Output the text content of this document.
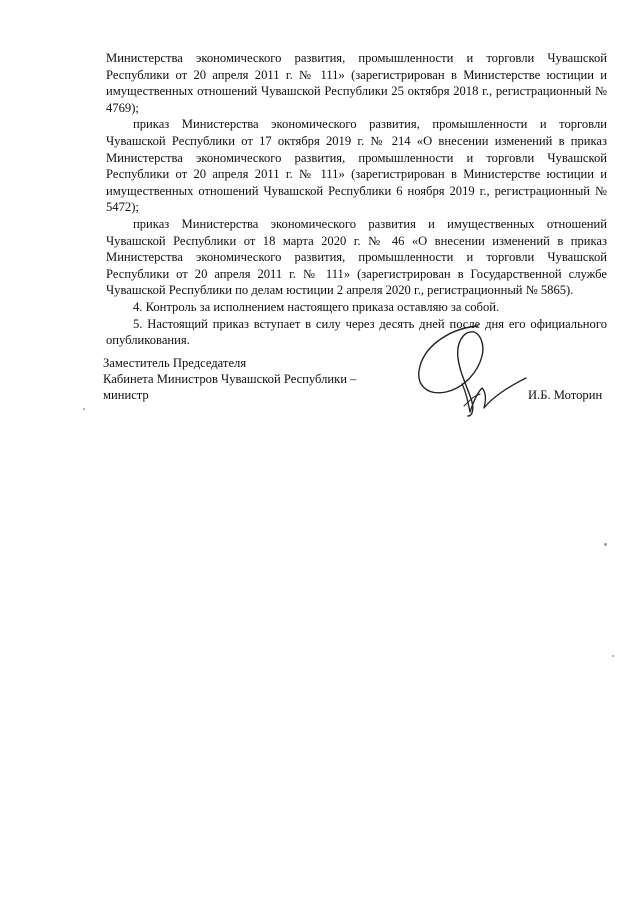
Министерства экономического развития, промышленности и торговли Чувашской Республики от 20 апреля 2011 г. № 111» (зарегистрирован в Министерстве юстиции и имущественных отношений Чувашской Республики 25 октября 2018 г., регистрационный № 4769);

приказ Министерства экономического развития, промышленности и торговли Чувашской Республики от 17 октября 2019 г. № 214 «О внесении изменений в приказ Министерства экономического развития, промышленности и торговли Чувашской Республики от 20 апреля 2011 г. № 111» (зарегистрирован в Министерстве юстиции и имущественных отношений Чувашской Республики 6 ноября 2019 г., регистрационный № 5472);

приказ Министерства экономического развития и имущественных отношений Чувашской Республики от 18 марта 2020 г. № 46 «О внесении изменений в приказ Министерства экономического развития, промышленности и торговли Чувашской Республики от 20 апреля 2011 г. № 111» (зарегистрирован в Государственной службе Чувашской Республики по делам юстиции 2 апреля 2020 г., регистрационный № 5865).

4. Контроль за исполнением настоящего приказа оставляю за собой.

5. Настоящий приказ вступает в силу через десять дней после дня его официального опубликования.

Заместитель Председателя
Кабинета Министров Чувашской Республики –
министр	И.Б. Моторин
